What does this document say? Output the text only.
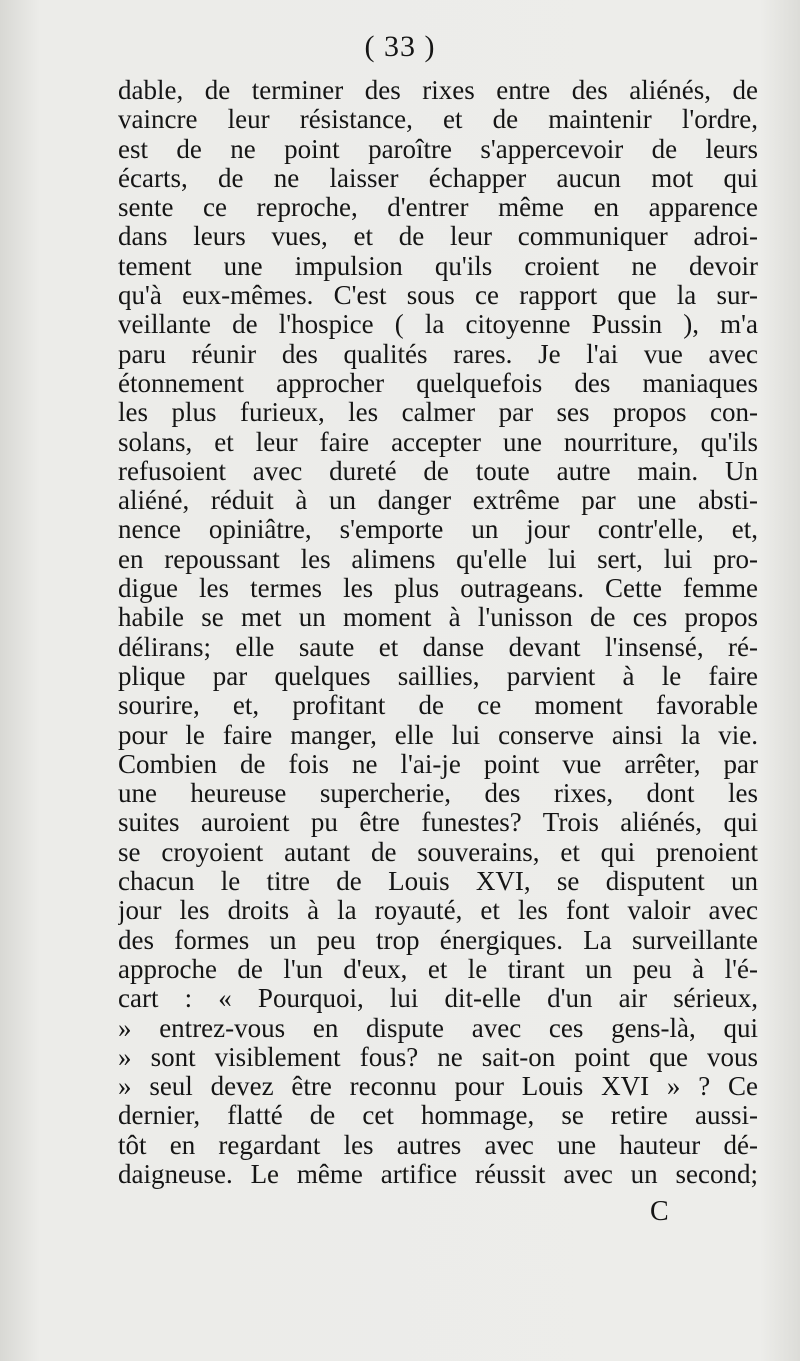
( 33 )
dable, de terminer des rixes entre des aliénés, de
vaincre leur résistance, et de maintenir l'ordre,
est de ne point paroître s'appercevoir de leurs
écarts, de ne laisser échapper aucun mot qui
sente ce reproche, d'entrer même en apparence
dans leurs vues, et de leur communiquer adroi-
tement une impulsion qu'ils croient ne devoir
qu'à eux-mêmes. C'est sous ce rapport que la sur-
veillante de l'hospice ( la citoyenne Pussin ), m'a
paru réunir des qualités rares. Je l'ai vue avec
étonnement approcher quelquefois des maniaques
les plus furieux, les calmer par ses propos con-
solans, et leur faire accepter une nourriture, qu'ils
refusoient avec dureté de toute autre main. Un
aliéné, réduit à un danger extrême par une absti-
nence opiniâtre, s'emporte un jour contr'elle, et,
en repoussant les alimens qu'elle lui sert, lui pro-
digue les termes les plus outrageans. Cette femme
habile se met un moment à l'unisson de ces propos
délirans; elle saute et danse devant l'insensé, ré-
plique par quelques saillies, parvient à le faire
sourire, et, profitant de ce moment favorable
pour le faire manger, elle lui conserve ainsi la vie.
Combien de fois ne l'ai-je point vue arrêter, par
une heureuse supercherie, des rixes, dont les
suites auroient pu être funestes? Trois aliénés, qui
se croyoient autant de souverains, et qui prenoient
chacun le titre de Louis XVI, se disputent un
jour les droits à la royauté, et les font valoir avec
des formes un peu trop énergiques. La surveillante
approche de l'un d'eux, et le tirant un peu à l'é-
cart : « Pourquoi, lui dit-elle d'un air sérieux,
» entrez-vous en dispute avec ces gens-là, qui
» sont visiblement fous? ne sait-on point que vous
» seul devez être reconnu pour Louis XVI » ? Ce
dernier, flatté de cet hommage, se retire aussi-
tôt en regardant les autres avec une hauteur dé-
daigneuse. Le même artifice réussit avec un second;
C
